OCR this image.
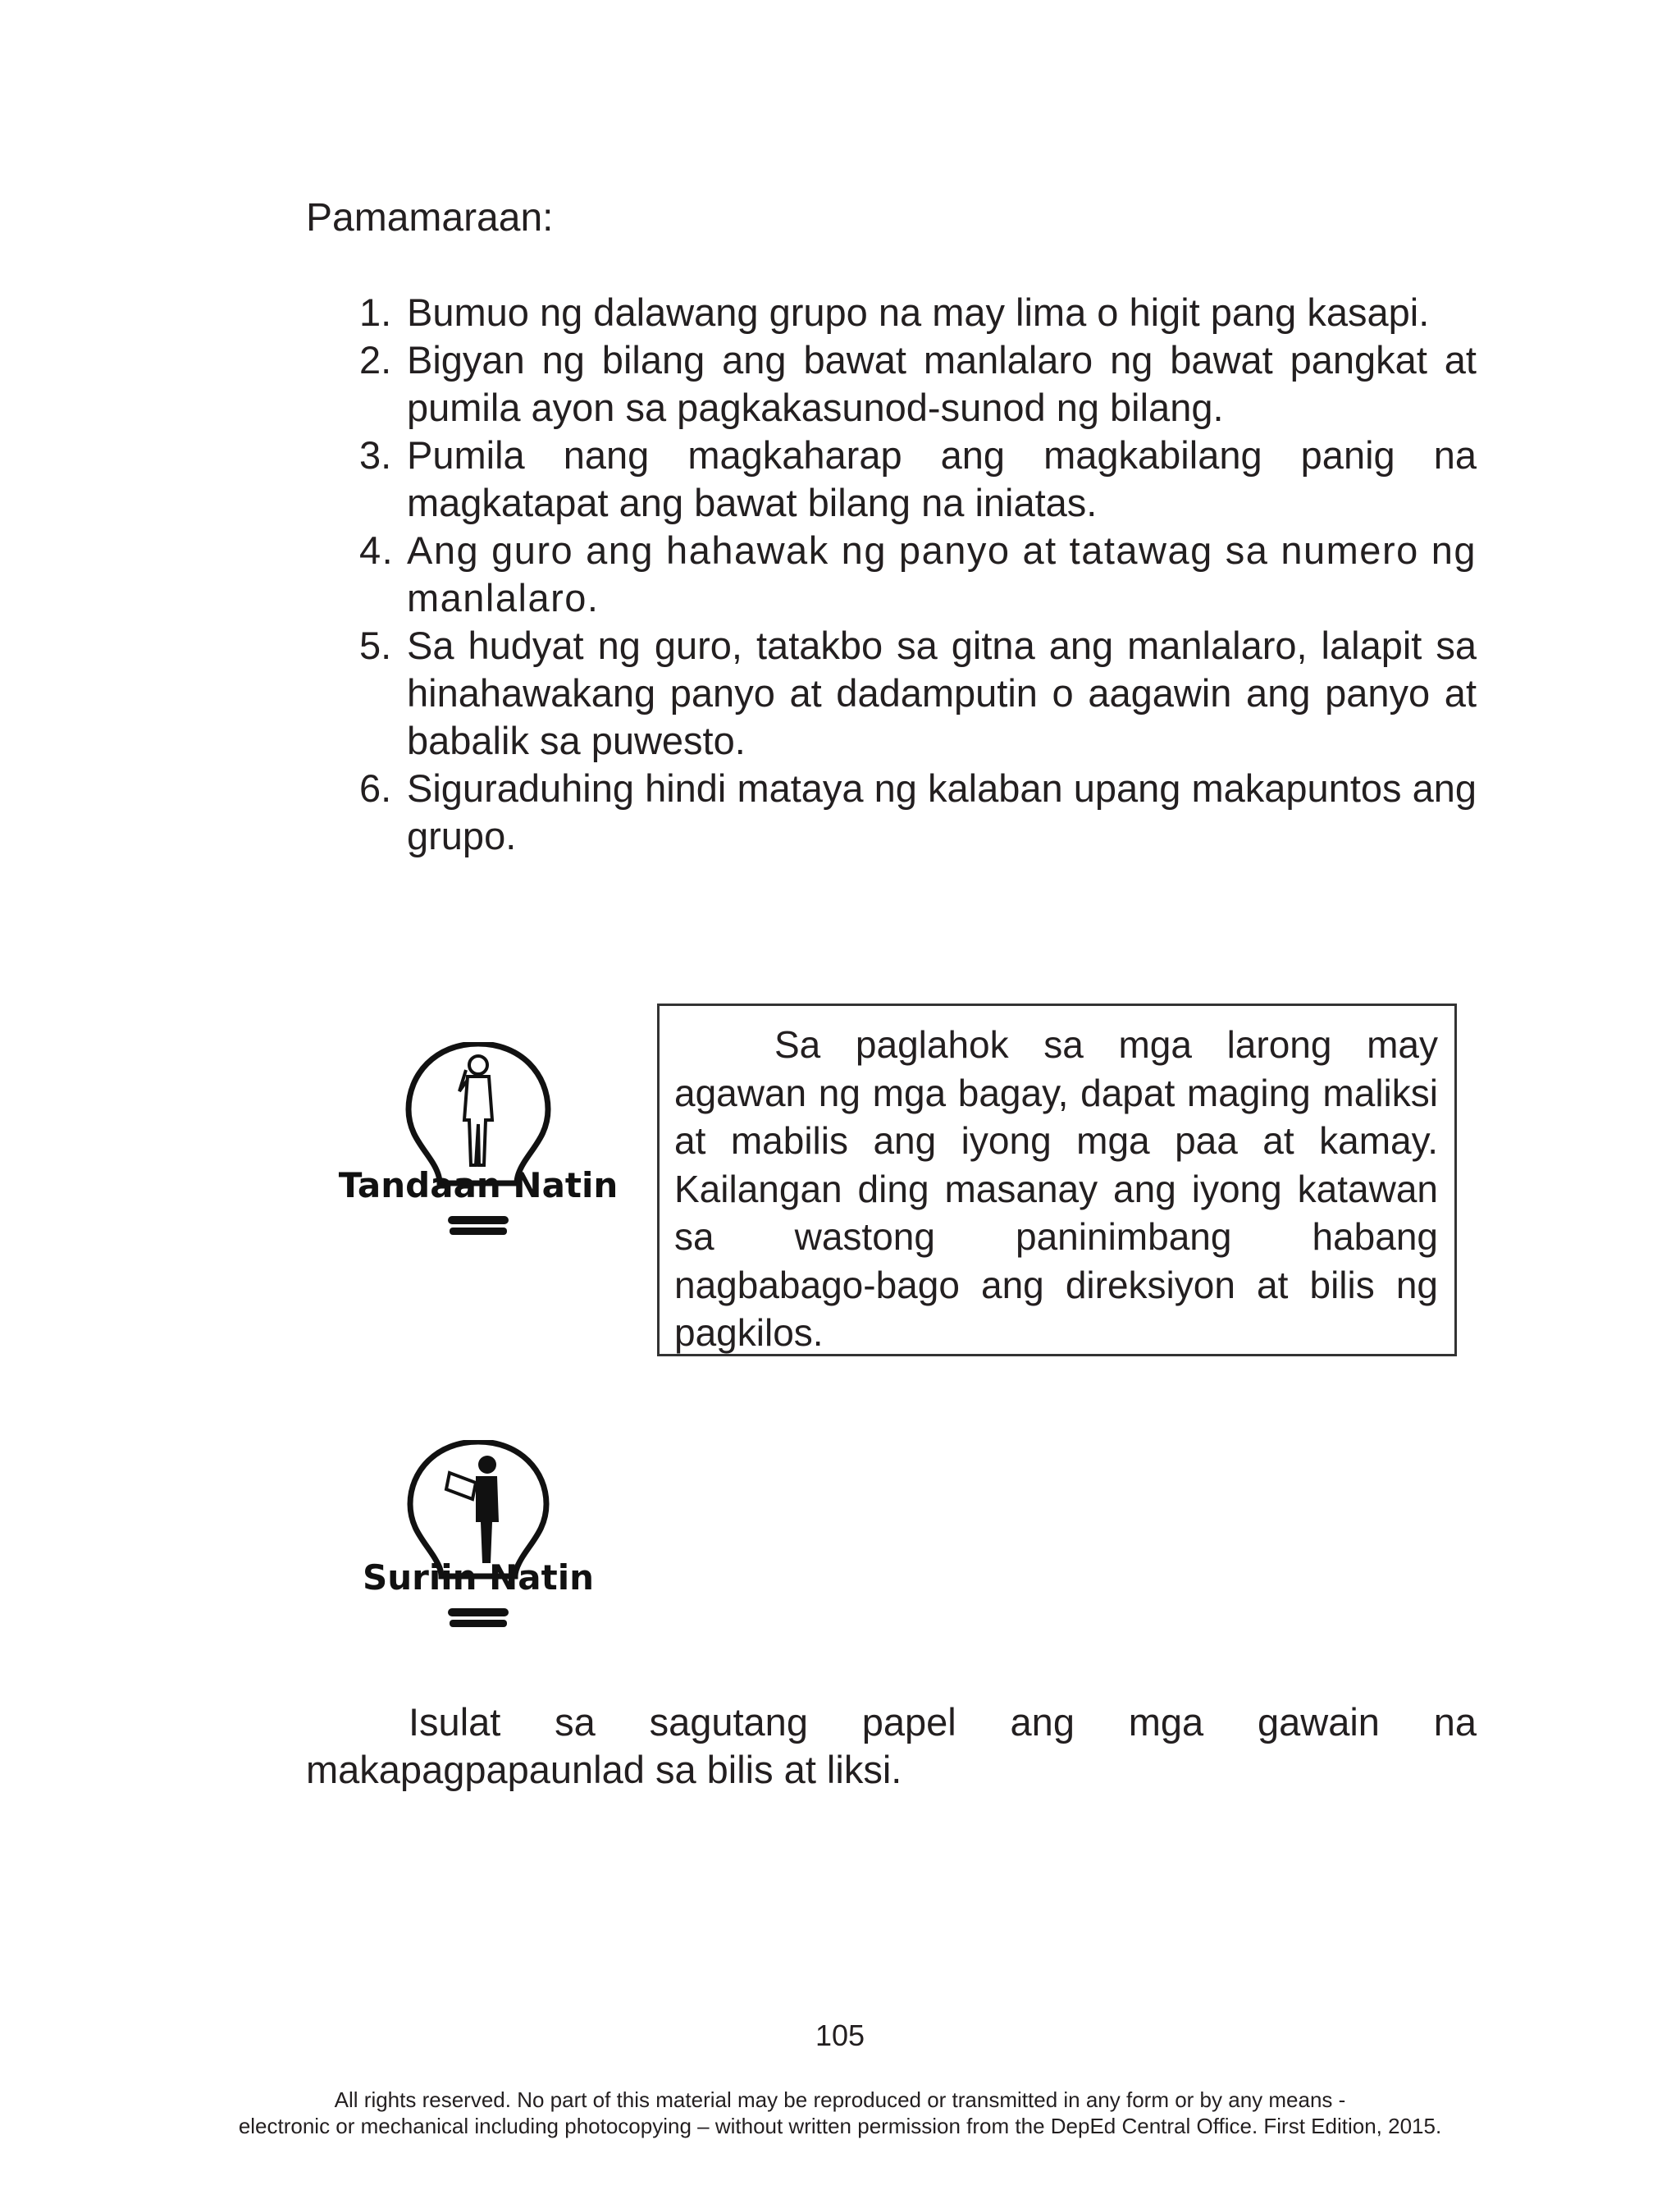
Pamamaraan:
1. Bumuo ng dalawang grupo na may lima o higit pang kasapi.
2. Bigyan ng bilang ang bawat manlalaro ng bawat pangkat at pumila ayon sa pagkakasunod-sunod ng bilang.
3. Pumila nang magkaharap ang magkabilang panig na magkatapat ang bawat bilang na iniatas.
4. Ang guro ang hahawak ng panyo at tatawag sa numero ng manlalaro.
5. Sa hudyat ng guro, tatakbo sa gitna ang manlalaro, lalapit sa hinahawakang panyo at dadamputin o aagawin ang panyo at babalik sa puwesto.
6. Siguraduhing hindi mataya ng kalaban upang makapuntos ang grupo.
Tandaan Natin

Sa paglahok sa mga larong may agawan ng mga bagay, dapat maging maliksi at mabilis ang iyong mga paa at kamay. Kailangan ding masanay ang iyong katawan sa wastong paninimbang habang nagbabago-bago ang direksiyon at bilis ng pagkilos.

Suriin Natin

Isulat sa sagutang papel ang mga gawain na makapagpapaunlad sa bilis at liksi.

105

All rights reserved. No part of this material may be reproduced or transmitted in any form or by any means -
electronic or mechanical including photocopying – without written permission from the DepEd Central Office. First Edition, 2015.
